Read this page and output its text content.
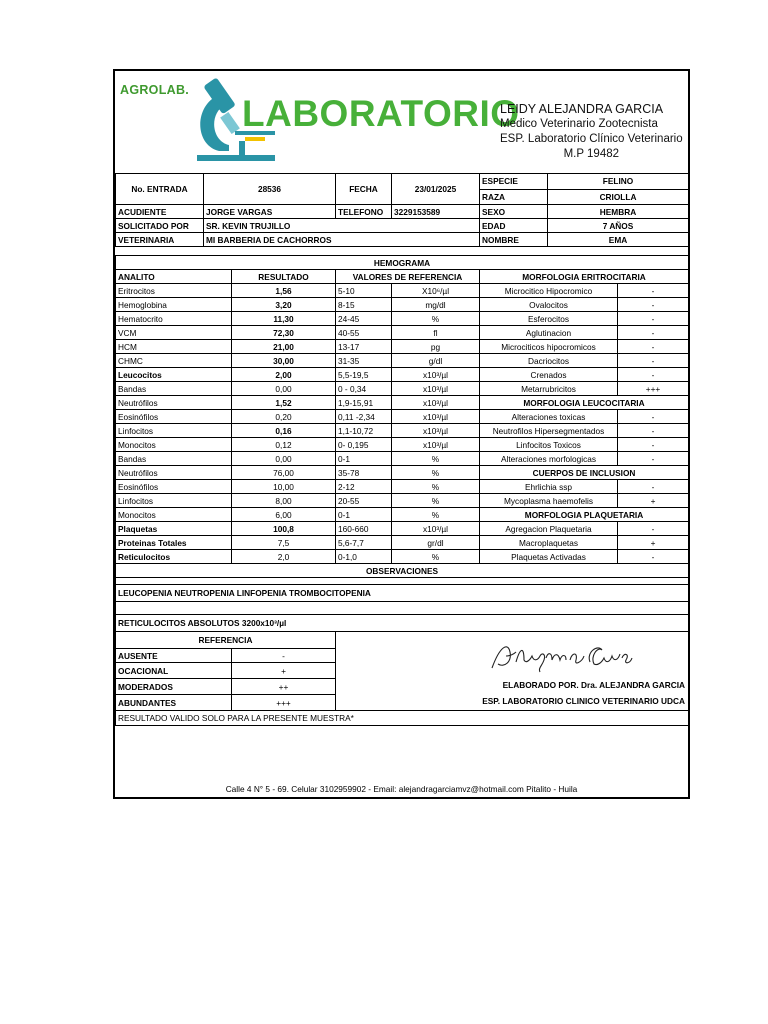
AGROLAB.
LABORATORIO
LEIDY ALEJANDRA GARCIA
Medico Veterinario Zootecnista
ESP. Laboratorio Clínico Veterinario
M.P 19482
No. ENTRADA	28536	FECHA	23/01/2025	ESPECIE	FELINO
				RAZA	CRIOLLA
ACUDIENTE	JORGE VARGAS	TELEFONO	3229153589	SEXO	HEMBRA
SOLICITADO POR	SR. KEVIN TRUJILLO			EDAD	7 AÑOS
VETERINARIA	MI BARBERIA DE CACHORROS			NOMBRE	EMA
HEMOGRAMA					
ANALITO	RESULTADO	VALORES DE REFERENCIA		MORFOLOGIA ERITROCITARIA	
Eritrocitos	1,56	5-10	X10⁶/µl	Microcitico Hipocromico	-
Hemoglobina	3,20	8-15	mg/dl	Ovalocitos	-
Hematocrito	11,30	24-45	%	Esferocitos	-
VCM	72,30	40-55	fl	Aglutinacion	-
HCM	21,00	13-17	pg	Microciticos hipocromicos	-
CHMC	30,00	31-35	g/dl	Dacriocitos	-
Leucocitos	2,00	5,5-19,5	x10³/µl	Crenados	-
Bandas	0,00	0 - 0,34	x10³/µl	Metarrubricitos	+++
Neutrófilos	1,52	1,9-15,91	x10³/µl	MORFOLOGIA LEUCOCITARIA	
Eosinófilos	0,20	0,11 -2,34	x10³/µl	Alteraciones toxicas	-
Linfocitos	0,16	1,1-10,72	x10³/µl	Neutrofilos Hipersegmentados	-
Monocitos	0,12	0- 0,195	x10³/µl	Linfocitos Toxicos	-
Bandas	0,00	0-1	%	Alteraciones morfologicas	-
Neutrófilos	76,00	35-78	%	CUERPOS DE INCLUSION	
Eosinófilos	10,00	2-12	%	Ehrlichia ssp	-
Linfocitos	8,00	20-55	%	Mycoplasma haemofelis	+
Monocitos	6,00	0-1	%	MORFOLOGIA PLAQUETARIA	
Plaquetas	100,8	160-660	x10³/µl	Agregacion Plaquetaria	-
Proteinas Totales	7,5	5,6-7,7	gr/dl	Macroplaquetas	+
Reticulocitos	2,0	0-1,0	%	Plaquetas Activadas	-
OBSERVACIONES					

LEUCOPENIA NEUTROPENIA LINFOPENIA TROMBOCITOPENIA					

RETICULOCITOS ABSOLUTOS 3200x10³/µl					
REFERENCIA		ELABORADO POR. Dra. ALEJANDRA GARCIA
ESP. LABORATORIO CLINICO VETERINARIO UDCA			

AUSENTE	-				
OCACIONAL	+				
MODERADOS	++				
ABUNDANTES	+++				
RESULTADO VALIDO SOLO PARA LA PRESENTE MUESTRA*					
Calle 4 N° 5 - 69. Celular 3102959902 - Email: alejandragarciamvz@hotmail.com Pitalito - Huila
